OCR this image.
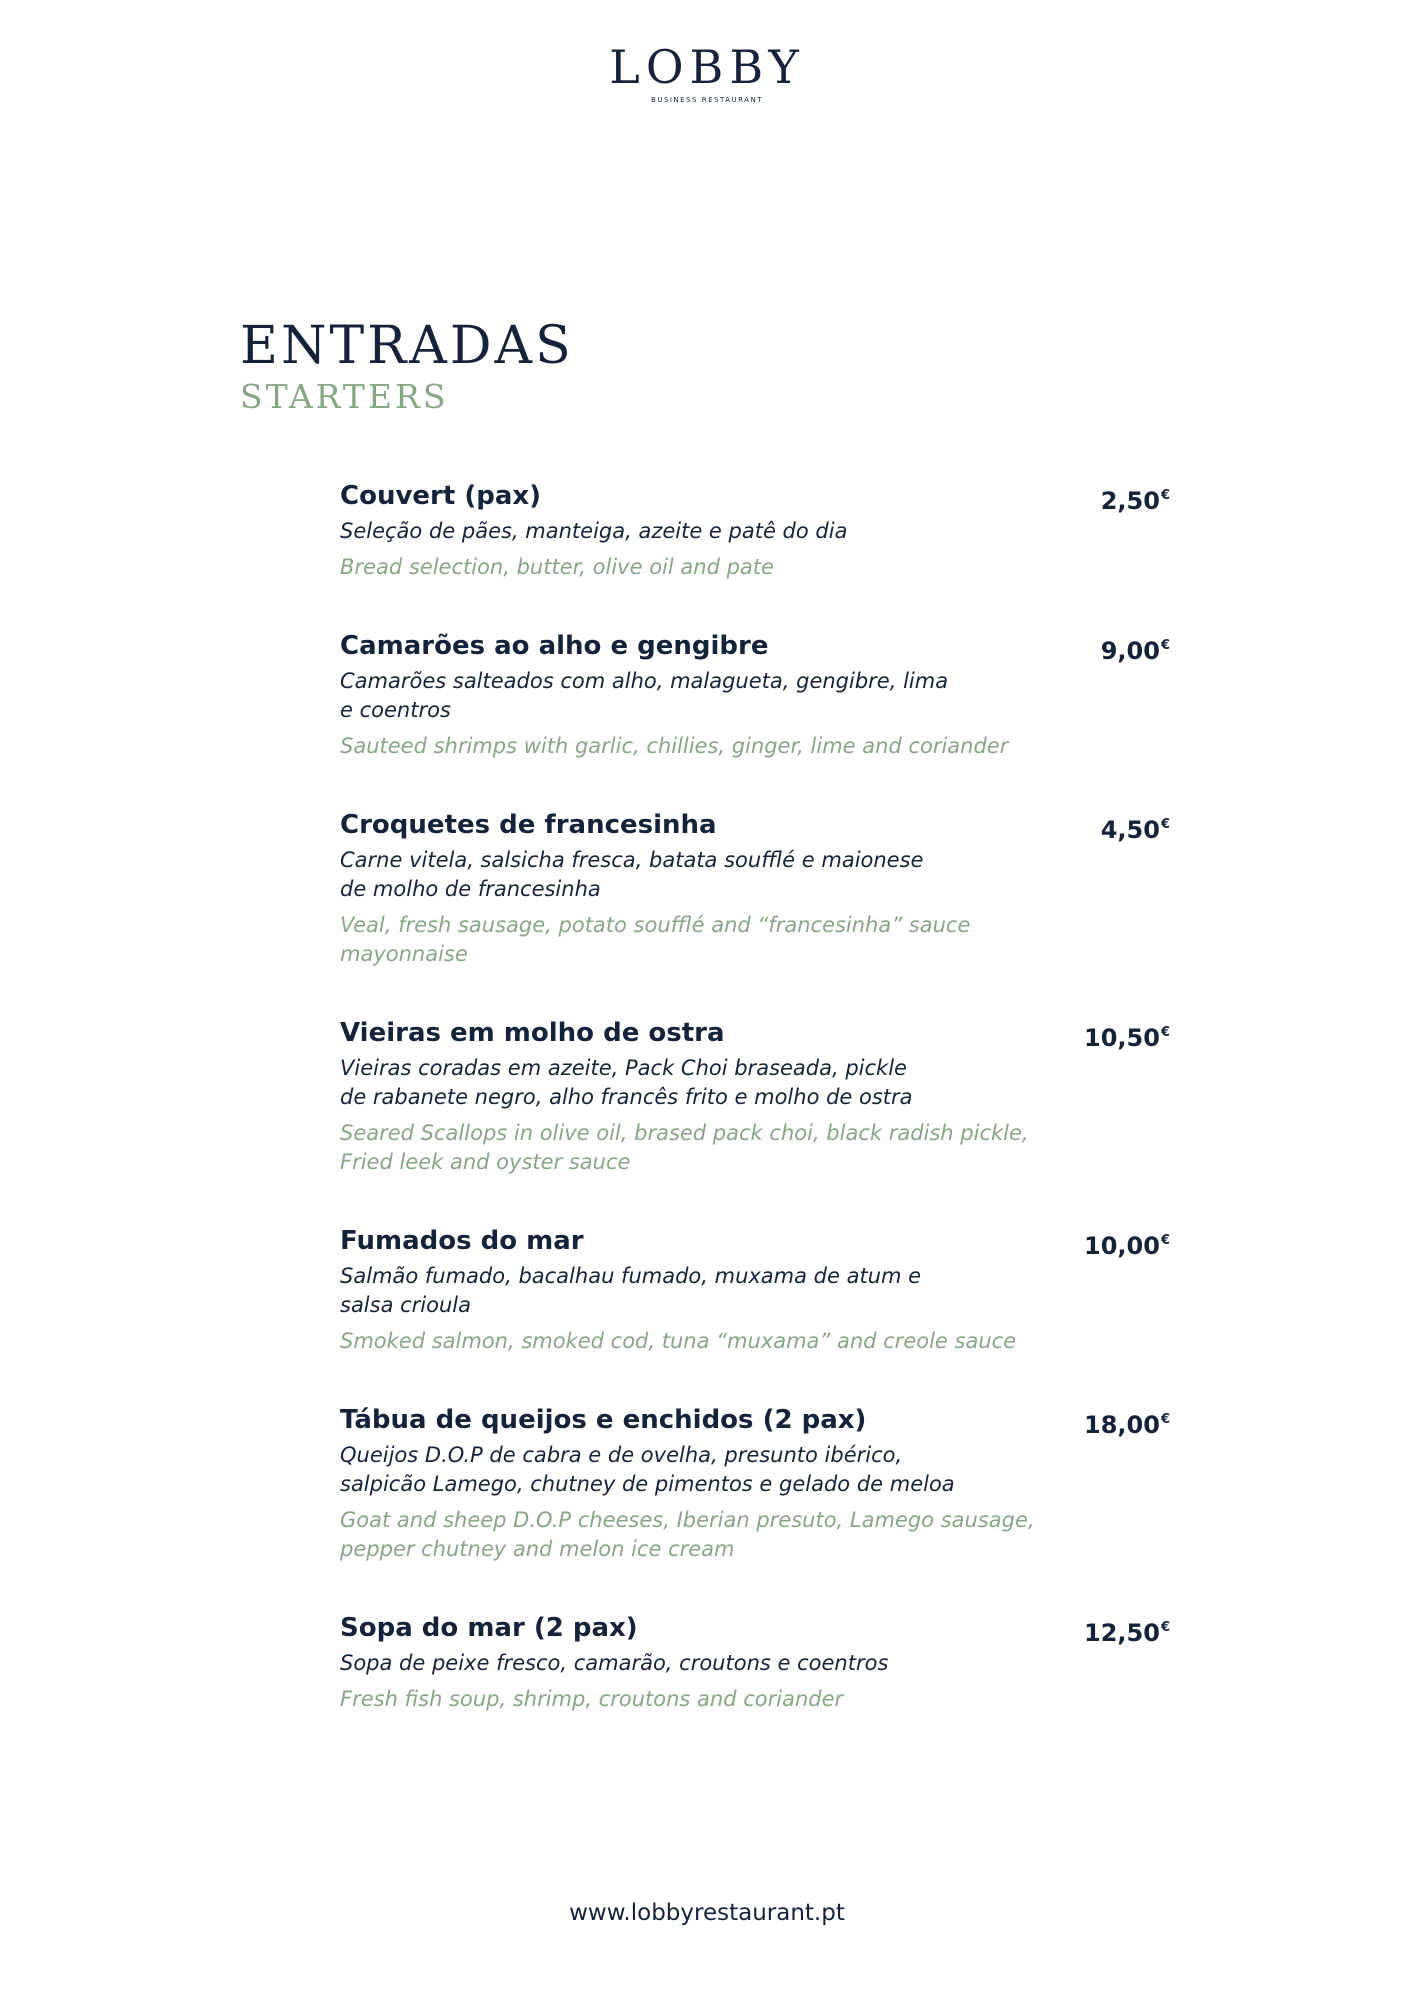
LOBBY
BUSINESS RESTAURANT
ENTRADAS
STARTERS
Couvert (pax)	2,50€
Seleção de pães, manteiga, azeite e patê do dia
Bread selection, butter, olive oil and pate
Camarões ao alho e gengibre	9,00€
Camarões salteados com alho, malagueta, gengibre, lima
e coentros
Sauteed shrimps with garlic, chillies, ginger, lime and coriander
Croquetes de francesinha	4,50€
Carne vitela, salsicha fresca, batata soufflé e maionese
de molho de francesinha
Veal, fresh sausage, potato soufflé and “francesinha” sauce
mayonnaise
Vieiras em molho de ostra	10,50€
Vieiras coradas em azeite, Pack Choi braseada, pickle
de rabanete negro, alho francês frito e molho de ostra
Seared Scallops in olive oil, brased pack choi, black radish pickle,
Fried leek and oyster sauce
Fumados do mar	10,00€
Salmão fumado, bacalhau fumado, muxama de atum e
salsa crioula
Smoked salmon, smoked cod, tuna “muxama” and creole sauce
Tábua de queijos e enchidos (2 pax)	18,00€
Queijos D.O.P de cabra e de ovelha, presunto ibérico,
salpicão Lamego, chutney de pimentos e gelado de meloa
Goat and sheep D.O.P cheeses, Iberian presuto, Lamego sausage,
pepper chutney and melon ice cream
Sopa do mar (2 pax)	12,50€
Sopa de peixe fresco, camarão, croutons e coentros
Fresh fish soup, shrimp, croutons and coriander
www.lobbyrestaurant.pt
